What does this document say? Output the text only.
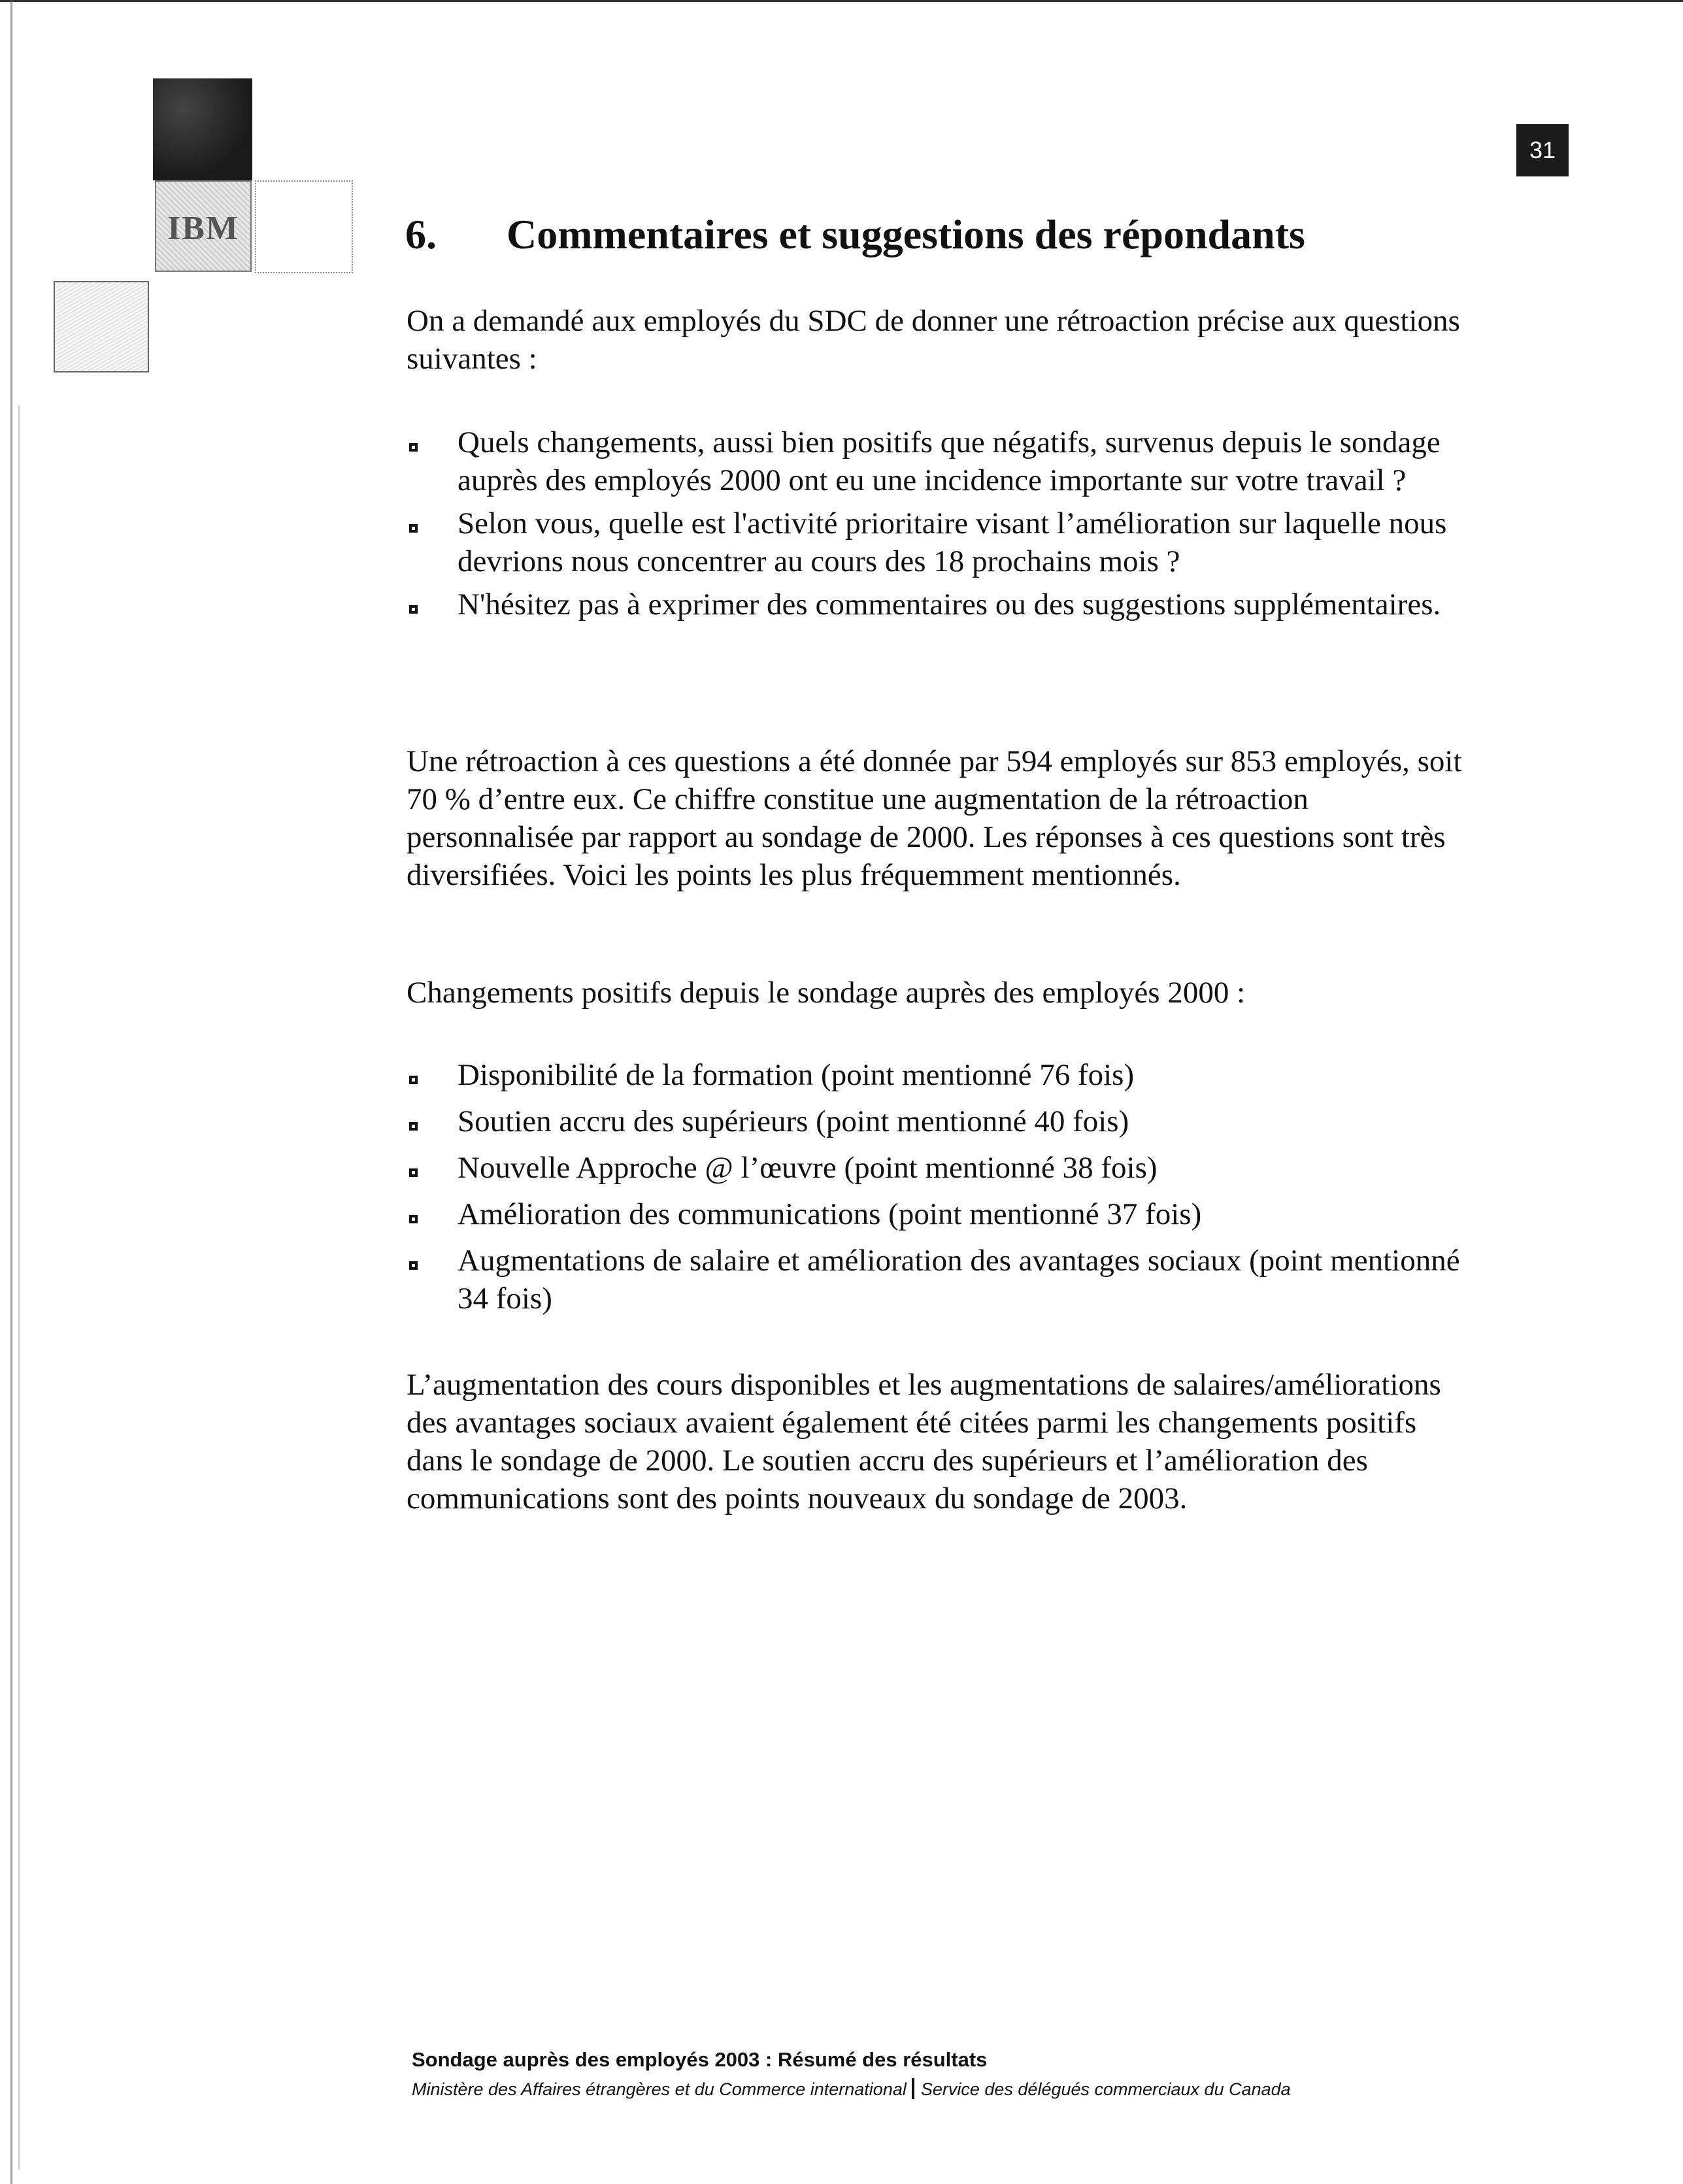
IBM
31
6. Commentaires et suggestions des répondants

On a demandé aux employés du SDC de donner une rétroaction précise aux questions suivantes :

Quels changements, aussi bien positifs que négatifs, survenus depuis le sondage auprès des employés 2000 ont eu une incidence importante sur votre travail ?
Selon vous, quelle est l'activité prioritaire visant l’amélioration sur laquelle nous devrions nous concentrer au cours des 18 prochains mois ?
N'hésitez pas à exprimer des commentaires ou des suggestions supplémentaires.

Une rétroaction à ces questions a été donnée par 594 employés sur 853 employés, soit 70 % d’entre eux. Ce chiffre constitue une augmentation de la rétroaction personnalisée par rapport au sondage de 2000. Les réponses à ces questions sont très diversifiées. Voici les points les plus fréquemment mentionnés.

Changements positifs depuis le sondage auprès des employés 2000 :

Disponibilité de la formation (point mentionné 76 fois)
Soutien accru des supérieurs (point mentionné 40 fois)
Nouvelle Approche @ l’œuvre (point mentionné 38 fois)
Amélioration des communications (point mentionné 37 fois)
Augmentations de salaire et amélioration des avantages sociaux (point mentionné 34 fois)

L’augmentation des cours disponibles et les augmentations de salaires/améliorations des avantages sociaux avaient également été citées parmi les changements positifs dans le sondage de 2000. Le soutien accru des supérieurs et l’amélioration des communications sont des points nouveaux du sondage de 2003.

Sondage auprès des employés 2003 : Résumé des résultats
Ministère des Affaires étrangères et du Commerce international Service des délégués commerciaux du Canada
